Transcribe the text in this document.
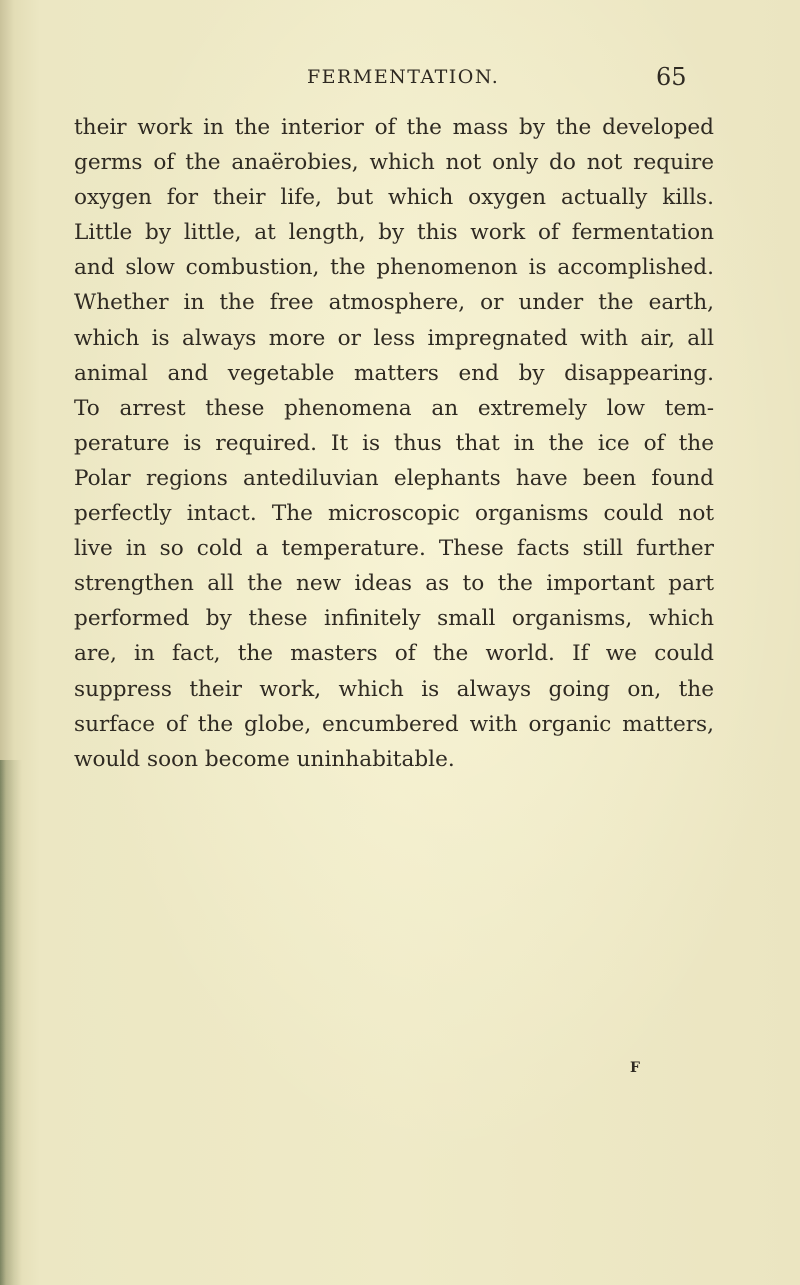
FERMENTATION.	65

their work in the interior of the mass by the developed
germs of the anaërobies, which not only do not require
oxygen for their life, but which oxygen actually kills.
Little by little, at length, by this work of fermentation
and slow combustion, the phenomenon is accomplished.
Whether in the free atmosphere, or under the earth,
which is always more or less impregnated with air, all
animal and vegetable matters end by disappearing.
To arrest these phenomena an extremely low tem-
perature is required. It is thus that in the ice of the
Polar regions antediluvian elephants have been found
perfectly intact. The microscopic organisms could not
live in so cold a temperature. These facts still further
strengthen all the new ideas as to the important part
performed by these infinitely small organisms, which
are, in fact, the masters of the world. If we could
suppress their work, which is always going on, the
surface of the globe, encumbered with organic matters,
would soon become uninhabitable.

F
